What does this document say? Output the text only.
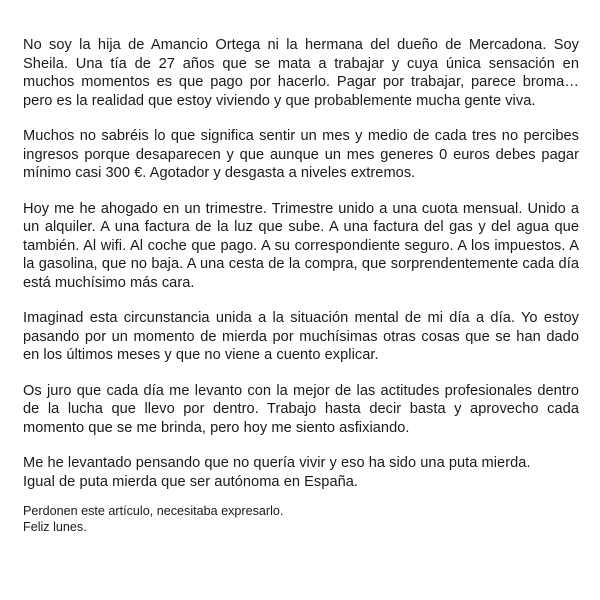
No soy la hija de Amancio Ortega ni la hermana del dueño de Mercadona. Soy Sheila. Una tía de 27 años que se mata a trabajar y cuya única sensación en muchos momentos es que pago por hacerlo. Pagar por trabajar, parece broma… pero es la realidad que estoy viviendo y que probablemente mucha gente viva.

Muchos no sabréis lo que significa sentir un mes y medio de cada tres no percibes ingresos porque desaparecen y que aunque un mes generes 0 euros debes pagar mínimo casi 300 €. Agotador y desgasta a niveles extremos.

Hoy me he ahogado en un trimestre. Trimestre unido a una cuota mensual. Unido a un alquiler. A una factura de la luz que sube. A una factura del gas y del agua que también. Al wifi. Al coche que pago. A su correspondiente seguro. A los impuestos. A la gasolina, que no baja. A una cesta de la compra, que sorprendentemente cada día está muchísimo más cara.

Imaginad esta circunstancia unida a la situación mental de mi día a día. Yo estoy pasando por un momento de mierda por muchísimas otras cosas que se han dado en los últimos meses y que no viene a cuento explicar.

Os juro que cada día me levanto con la mejor de las actitudes profesionales dentro de la lucha que llevo por dentro. Trabajo hasta decir basta y aprovecho cada momento que se me brinda, pero hoy me siento asfixiando.

Me he levantado pensando que no quería vivir y eso ha sido una puta mierda.
Igual de puta mierda que ser autónoma en España.

Perdonen este artículo, necesitaba expresarlo.
Feliz lunes.
